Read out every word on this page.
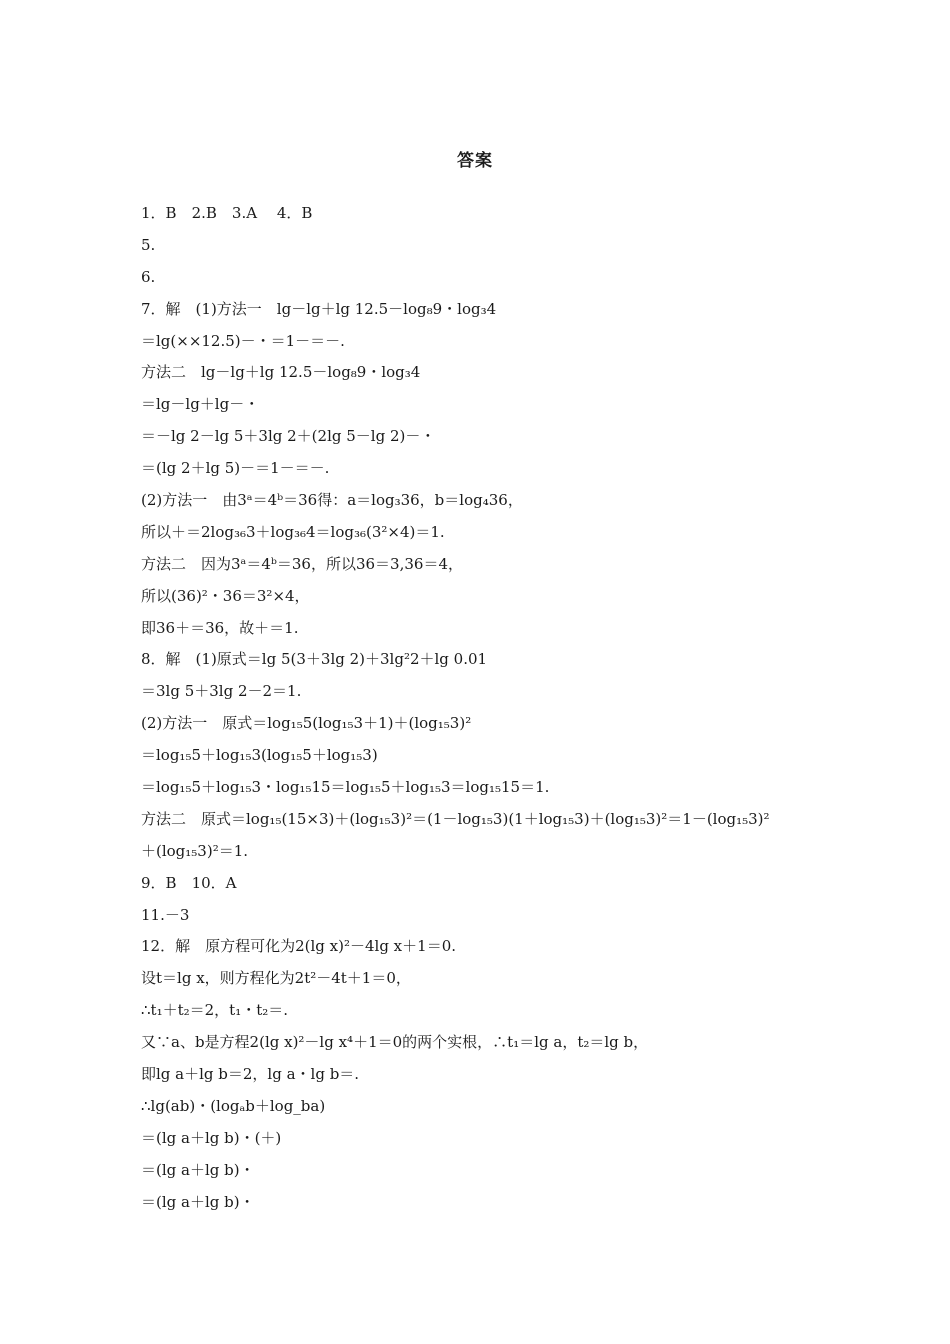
答案
1．B　2.B　3.A　 4．B
5.
6.
7．解　(1)方法一　lg－lg＋lg 12.5－log₈9・log₃4
＝lg(××12.5)－・＝1－＝－.
方法二　lg－lg＋lg 12.5－log₈9・log₃4
＝lg－lg＋lg－・
＝－lg 2－lg 5＋3lg 2＋(2lg 5－lg 2)－・
＝(lg 2＋lg 5)－＝1－＝－.
(2)方法一　由3ᵃ＝4ᵇ＝36得：a＝log₃36，b＝log₄36，
所以＋＝2log₃₆3＋log₃₆4＝log₃₆(3²×4)＝1.
方法二　因为3ᵃ＝4ᵇ＝36，所以36＝3,36＝4，
所以(36)²・36＝3²×4，
即36＋＝36，故＋＝1.
8．解　(1)原式＝lg 5(3＋3lg 2)＋3lg²2＋lg 0.01
＝3lg 5＋3lg 2－2＝1.
(2)方法一　原式＝log₁₅5(log₁₅3＋1)＋(log₁₅3)²
＝log₁₅5＋log₁₅3(log₁₅5＋log₁₅3)
＝log₁₅5＋log₁₅3・log₁₅15＝log₁₅5＋log₁₅3＝log₁₅15＝1.
方法二　原式＝log₁₅(15×3)＋(log₁₅3)²＝(1－log₁₅3)(1＋log₁₅3)＋(log₁₅3)²＝1－(log₁₅3)²
＋(log₁₅3)²＝1.
9．B　10．A
11.－3
12．解　原方程可化为2(lg x)²－4lg x＋1＝0.
设t＝lg x，则方程化为2t²－4t＋1＝0，
∴t₁＋t₂＝2，t₁・t₂＝.
又∵a、b是方程2(lg x)²－lg x⁴＋1＝0的两个实根，∴t₁＝lg a，t₂＝lg b，
即lg a＋lg b＝2，lg a・lg b＝.
∴lg(ab)・(logₐb＋log_ba)
＝(lg a＋lg b)・(＋)
＝(lg a＋lg b)・
＝(lg a＋lg b)・
